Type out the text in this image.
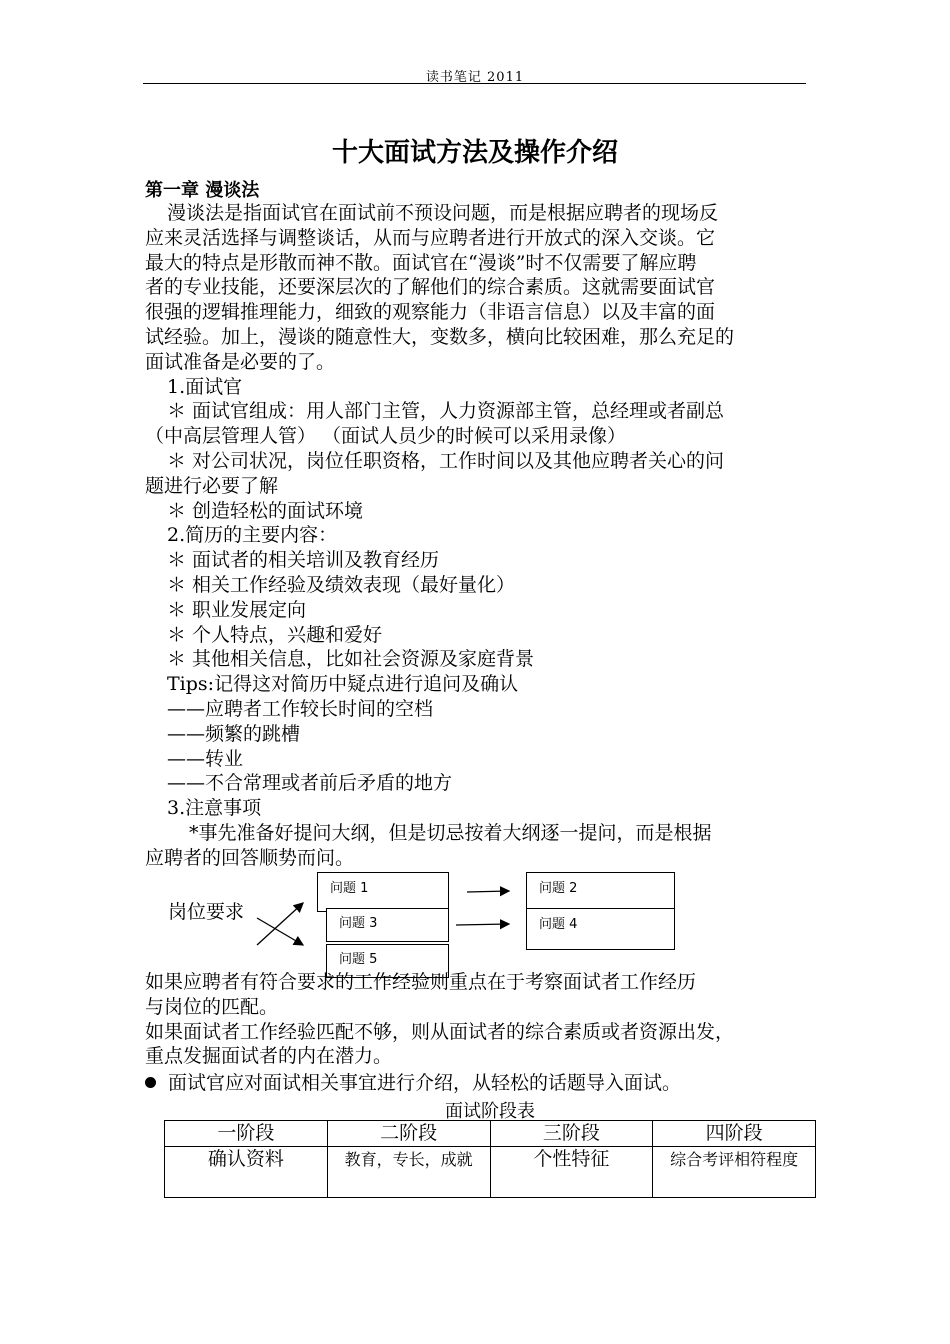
读书笔记 2011
十大面试方法及操作介绍
第一章 漫谈法
漫谈法是指面试官在面试前不预设问题，而是根据应聘者的现场反
应来灵活选择与调整谈话，从而与应聘者进行开放式的深入交谈。它
最大的特点是形散而神不散。面试官在“漫谈”时不仅需要了解应聘
者的专业技能，还要深层次的了解他们的综合素质。这就需要面试官
很强的逻辑推理能力，细致的观察能力（非语言信息）以及丰富的面
试经验。加上，漫谈的随意性大，变数多，横向比较困难，那么充足的
面试准备是必要的了。
1.面试官
＊ 面试官组成：用人部门主管，人力资源部主管，总经理或者副总
（中高层管理人管） （面试人员少的时候可以采用录像）
＊ 对公司状况，岗位任职资格，工作时间以及其他应聘者关心的问
题进行必要了解
＊ 创造轻松的面试环境
2.简历的主要内容：
＊ 面试者的相关培训及教育经历
＊ 相关工作经验及绩效表现（最好量化）
＊ 职业发展定向
＊ 个人特点，兴趣和爱好
＊ 其他相关信息，比如社会资源及家庭背景
Tips:记得这对简历中疑点进行追问及确认
——应聘者工作较长时间的空档
——频繁的跳槽
——转业
——不合常理或者前后矛盾的地方
3.注意事项
*事先准备好提问大纲，但是切忌按着大纲逐一提问，而是根据
应聘者的回答顺势而问。
岗位要求
问题 1	问题 2
问题 4
问题 3
问题 5
如果应聘者有符合要求的工作经验则重点在于考察面试者工作经历
与岗位的匹配。
如果面试者工作经验匹配不够，则从面试者的综合素质或者资源出发，
重点发掘面试者的内在潜力。
面试官应对面试相关事宜进行介绍，从轻松的话题导入面试。
面试阶段表
一阶段	二阶段	三阶段	四阶段
确认资料	教育，专长，成就	个性特征	综合考评相符程度
